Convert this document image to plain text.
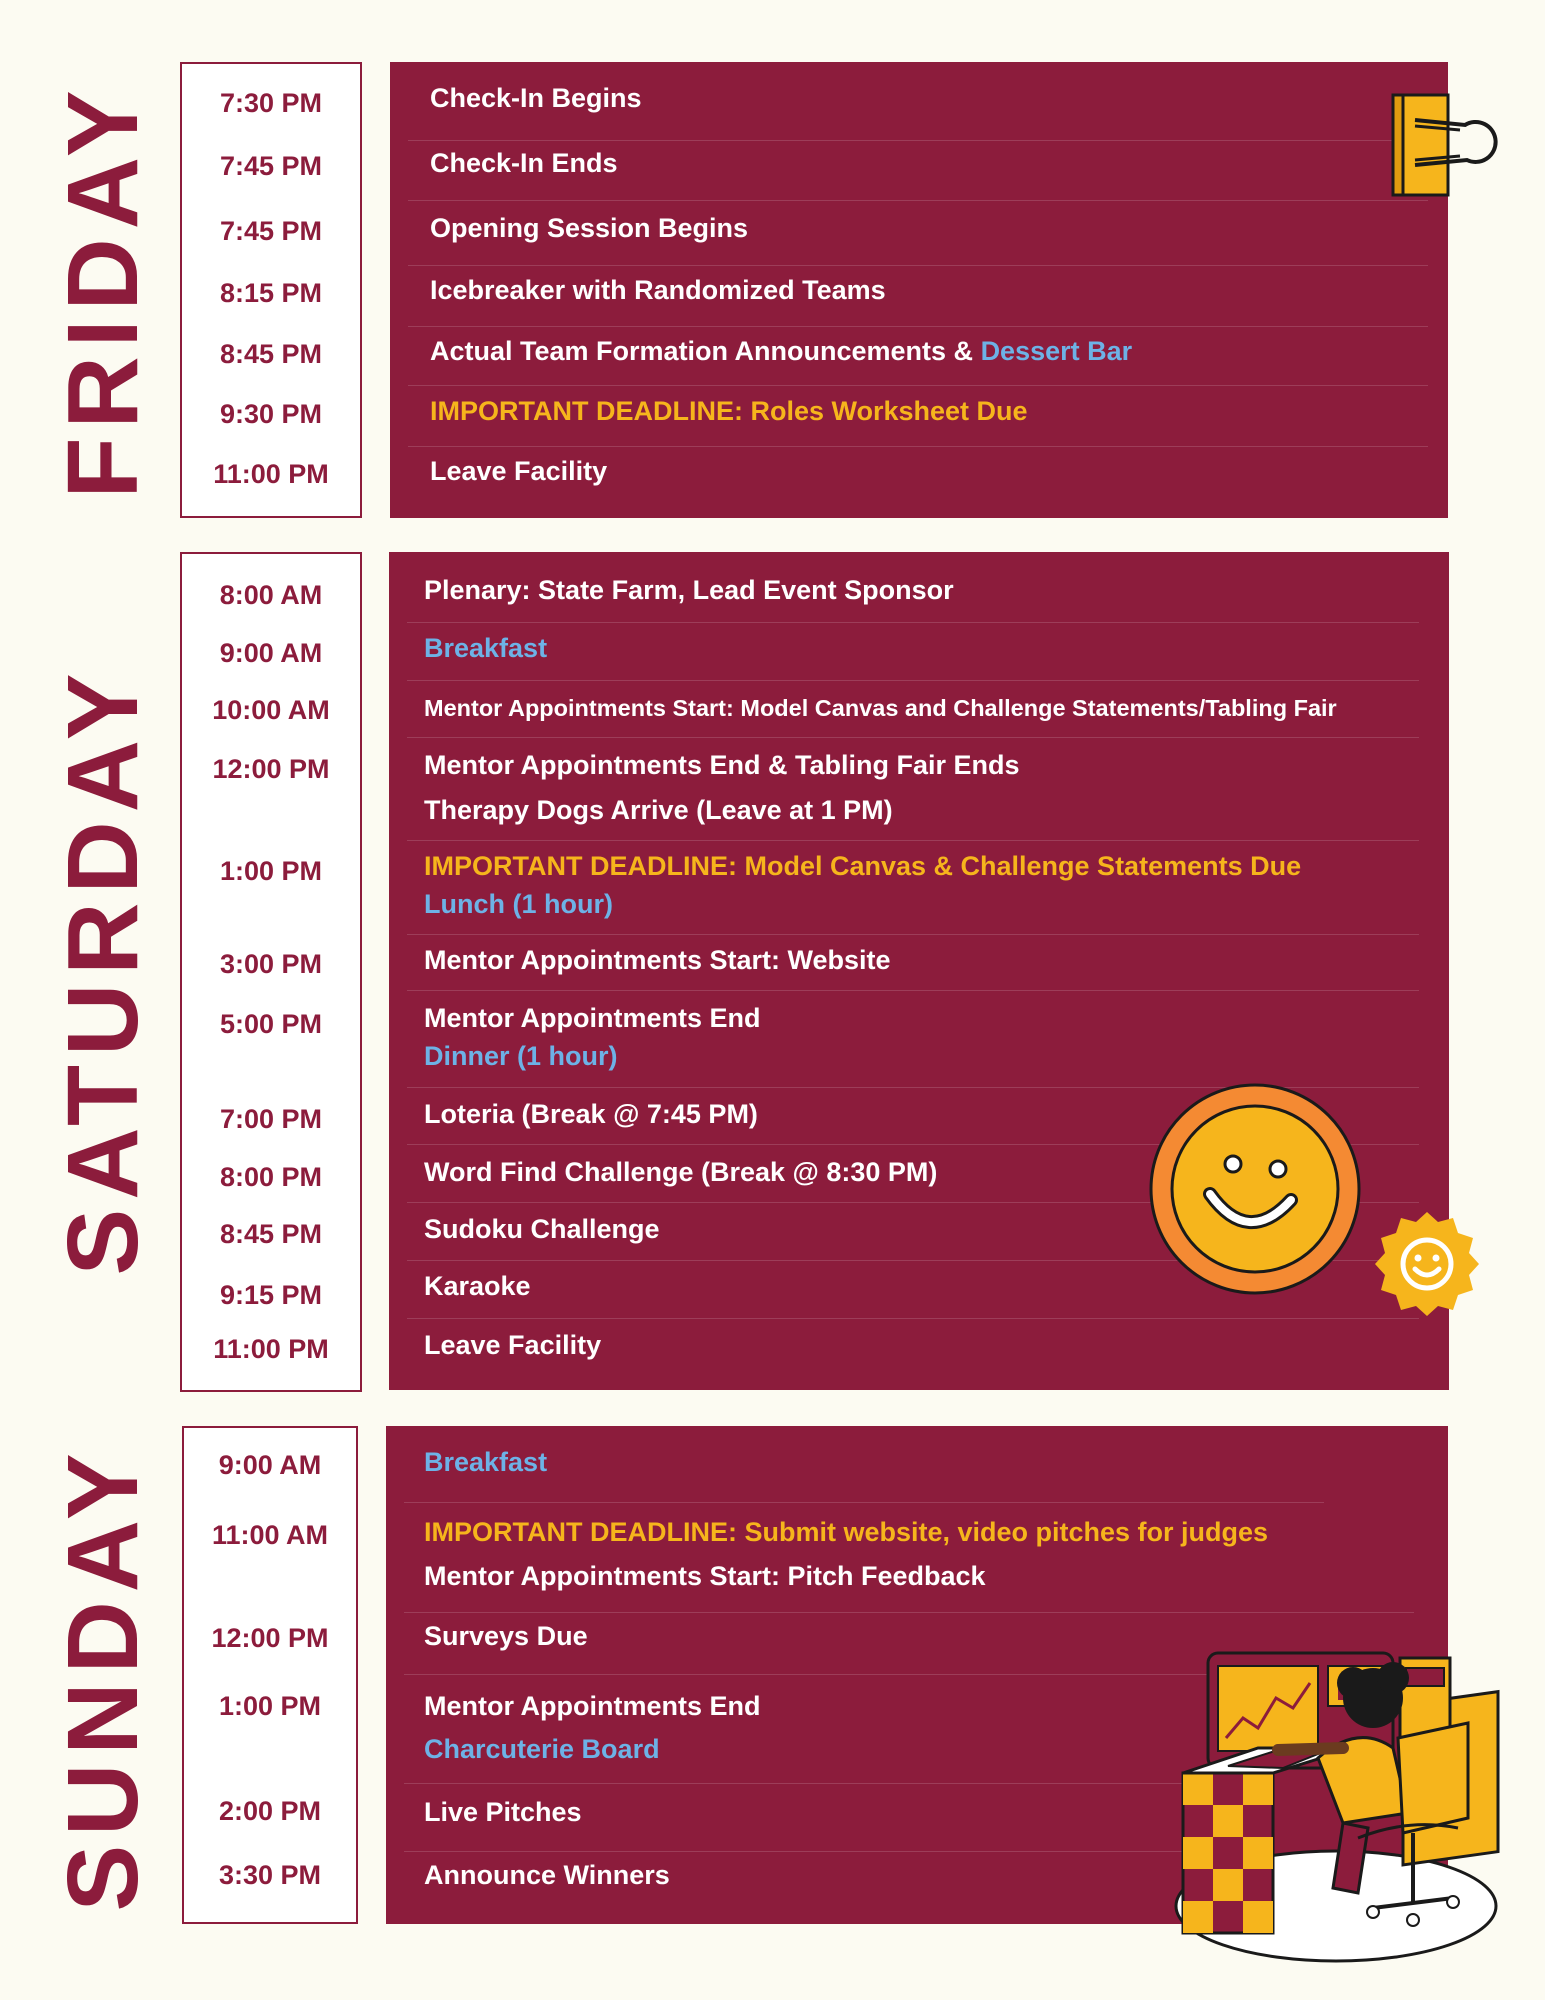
FRIDAY	7:30 PM
7:45 PM
7:45 PM
8:15 PM
8:45 PM
9:30 PM
11:00 PM
Check-In Begins
Check-In Ends
Opening Session Begins
Icebreaker with Randomized Teams
Actual Team Formation Announcements & Dessert Bar
IMPORTANT DEADLINE: Roles Worksheet Due
Leave Facility
SATURDAY
8:00 AM
9:00 AM
10:00 AM
12:00 PM
1:00 PM
3:00 PM
5:00 PM
7:00 PM
8:00 PM
8:45 PM
9:15 PM
11:00 PM
Plenary: State Farm, Lead Event Sponsor
Breakfast
Mentor Appointments Start: Model Canvas and Challenge Statements/Tabling Fair
Mentor Appointments End & Tabling Fair Ends
Therapy Dogs Arrive (Leave at 1 PM)
IMPORTANT DEADLINE: Model Canvas & Challenge Statements Due
Lunch (1 hour)
Mentor Appointments Start: Website
Mentor Appointments End
Dinner (1 hour)
Loteria (Break @ 7:45 PM)
Word Find Challenge (Break @ 8:30 PM)
Sudoku Challenge
Karaoke
Leave Facility
SUNDAY	9:00 AM
11:00 AM
12:00 PM
1:00 PM
2:00 PM
3:30 PM
Breakfast
IMPORTANT DEADLINE: Submit website, video pitches for judges
Mentor Appointments Start: Pitch Feedback
Surveys Due
Mentor Appointments End
Charcuterie Board
Live Pitches
Announce Winners
